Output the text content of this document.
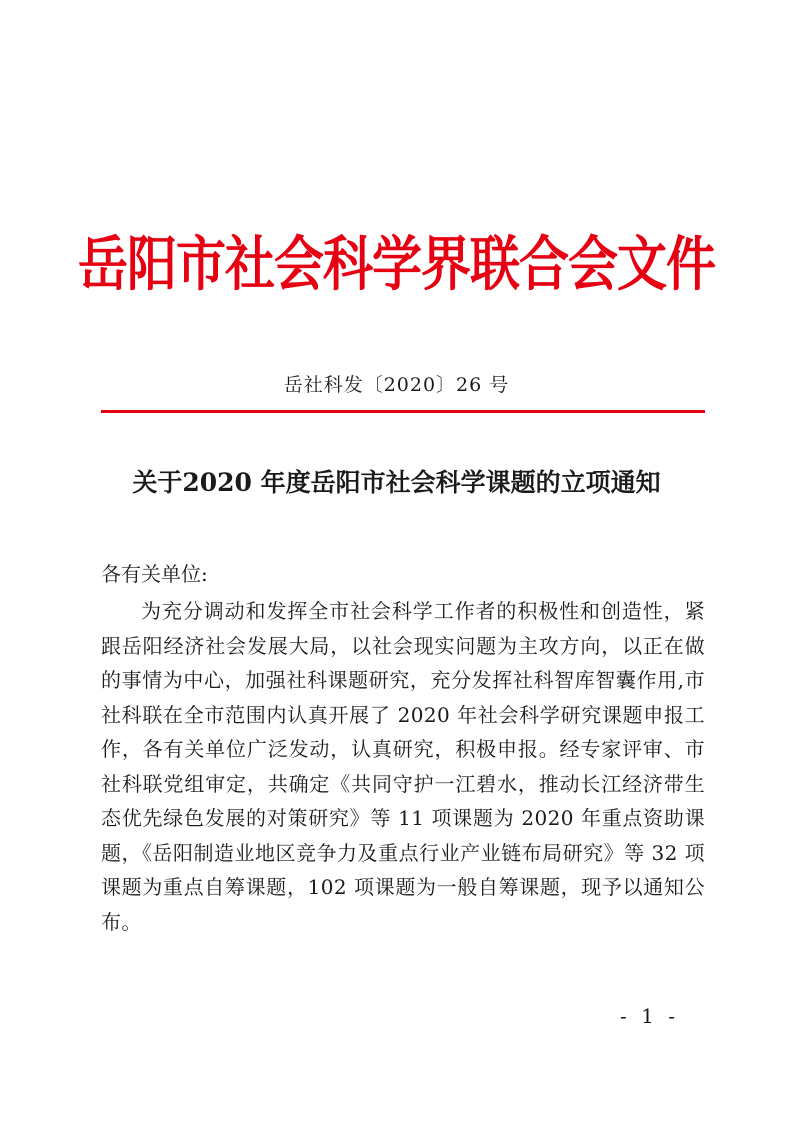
岳阳市社会科学界联合会文件
岳社科发〔2020〕26 号
关于2020 年度岳阳市社会科学课题的立项通知
各有关单位:
为充分调动和发挥全市社会科学工作者的积极性和创造性，紧跟岳阳经济社会发展大局，以社会现实问题为主攻方向，以正在做的事情为中心，加强社科课题研究，充分发挥社科智库智囊作用,市社科联在全市范围内认真开展了 2020 年社会科学研究课题申报工作，各有关单位广泛发动，认真研究，积极申报。经专家评审、市社科联党组审定，共确定《共同守护一江碧水，推动长江经济带生态优先绿色发展的对策研究》等 11 项课题为 2020 年重点资助课题，《岳阳制造业地区竞争力及重点行业产业链布局研究》等 32 项课题为重点自筹课题，102 项课题为一般自筹课题，现予以通知公布。
- 1 -
